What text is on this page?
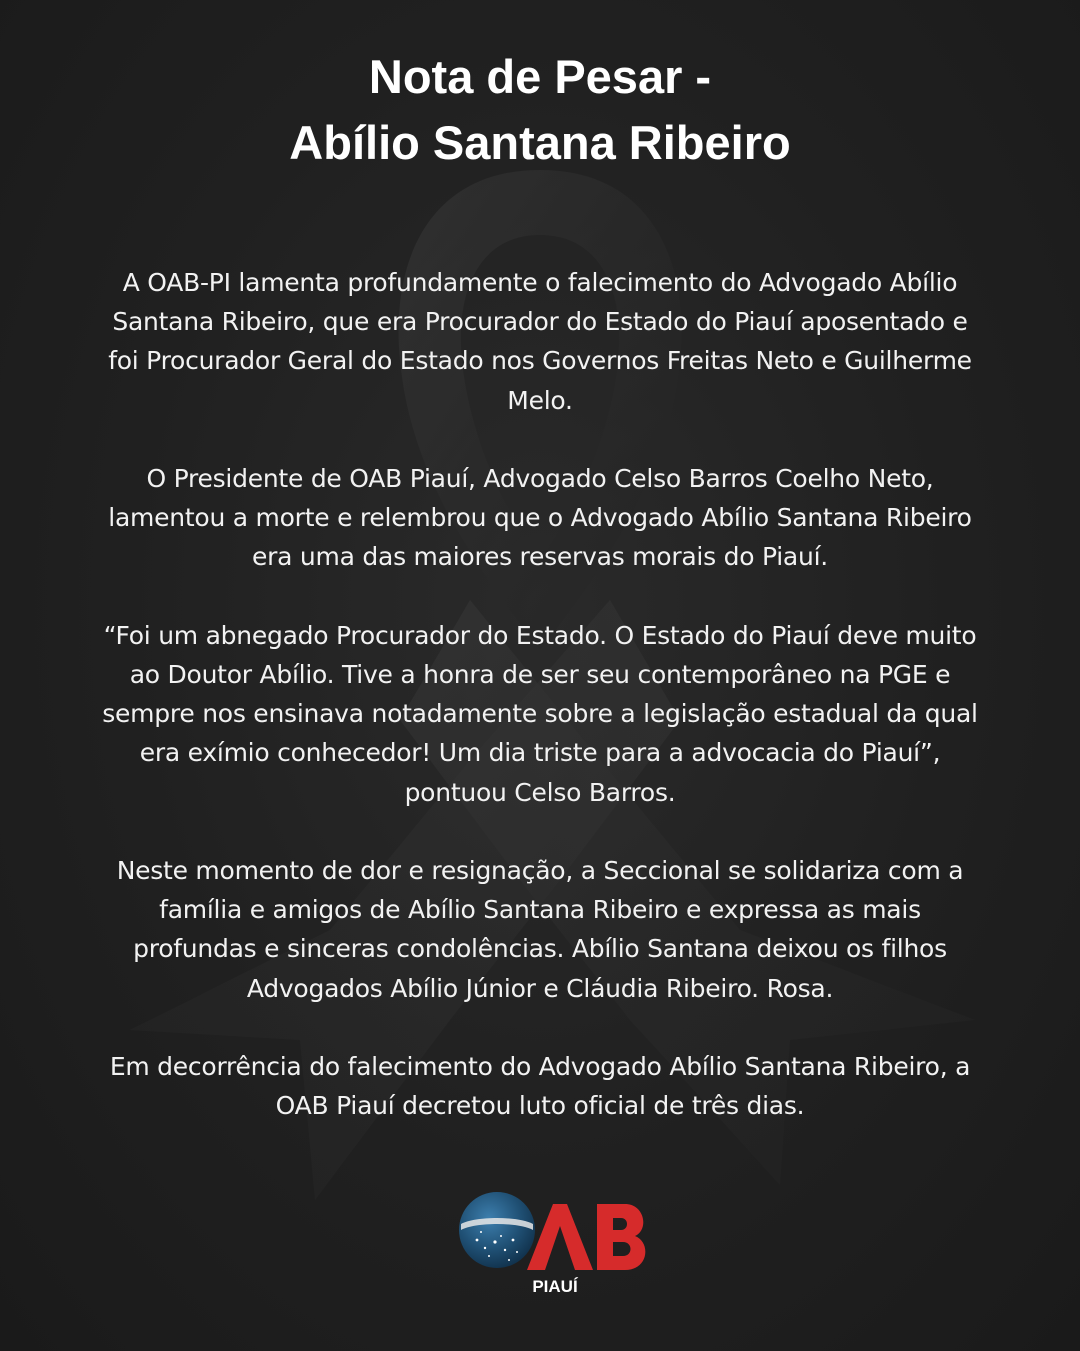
Nota de Pesar -
Abílio Santana Ribeiro

A OAB-PI lamenta profundamente o falecimento do Advogado Abílio Santana Ribeiro, que era Procurador do Estado do Piauí aposentado e foi Procurador Geral do Estado nos Governos Freitas Neto e Guilherme Melo.

O Presidente de OAB Piauí, Advogado Celso Barros Coelho Neto, lamentou a morte e relembrou que o Advogado Abílio Santana Ribeiro era uma das maiores reservas morais do Piauí.

“Foi um abnegado Procurador do Estado. O Estado do Piauí deve muito ao Doutor Abílio. Tive a honra de ser seu contemporâneo na PGE e sempre nos ensinava notadamente sobre a legislação estadual da qual era exímio conhecedor! Um dia triste para a advocacia do Piauí”, pontuou Celso Barros.

Neste momento de dor e resignação, a Seccional se solidariza com a família e amigos de Abílio Santana Ribeiro e expressa as mais profundas e sinceras condolências. Abílio Santana deixou os filhos Advogados Abílio Júnior e Cláudia Ribeiro. Rosa.

Em decorrência do falecimento do Advogado Abílio Santana Ribeiro, a OAB Piauí decretou luto oficial de três dias.

PIAUÍ
